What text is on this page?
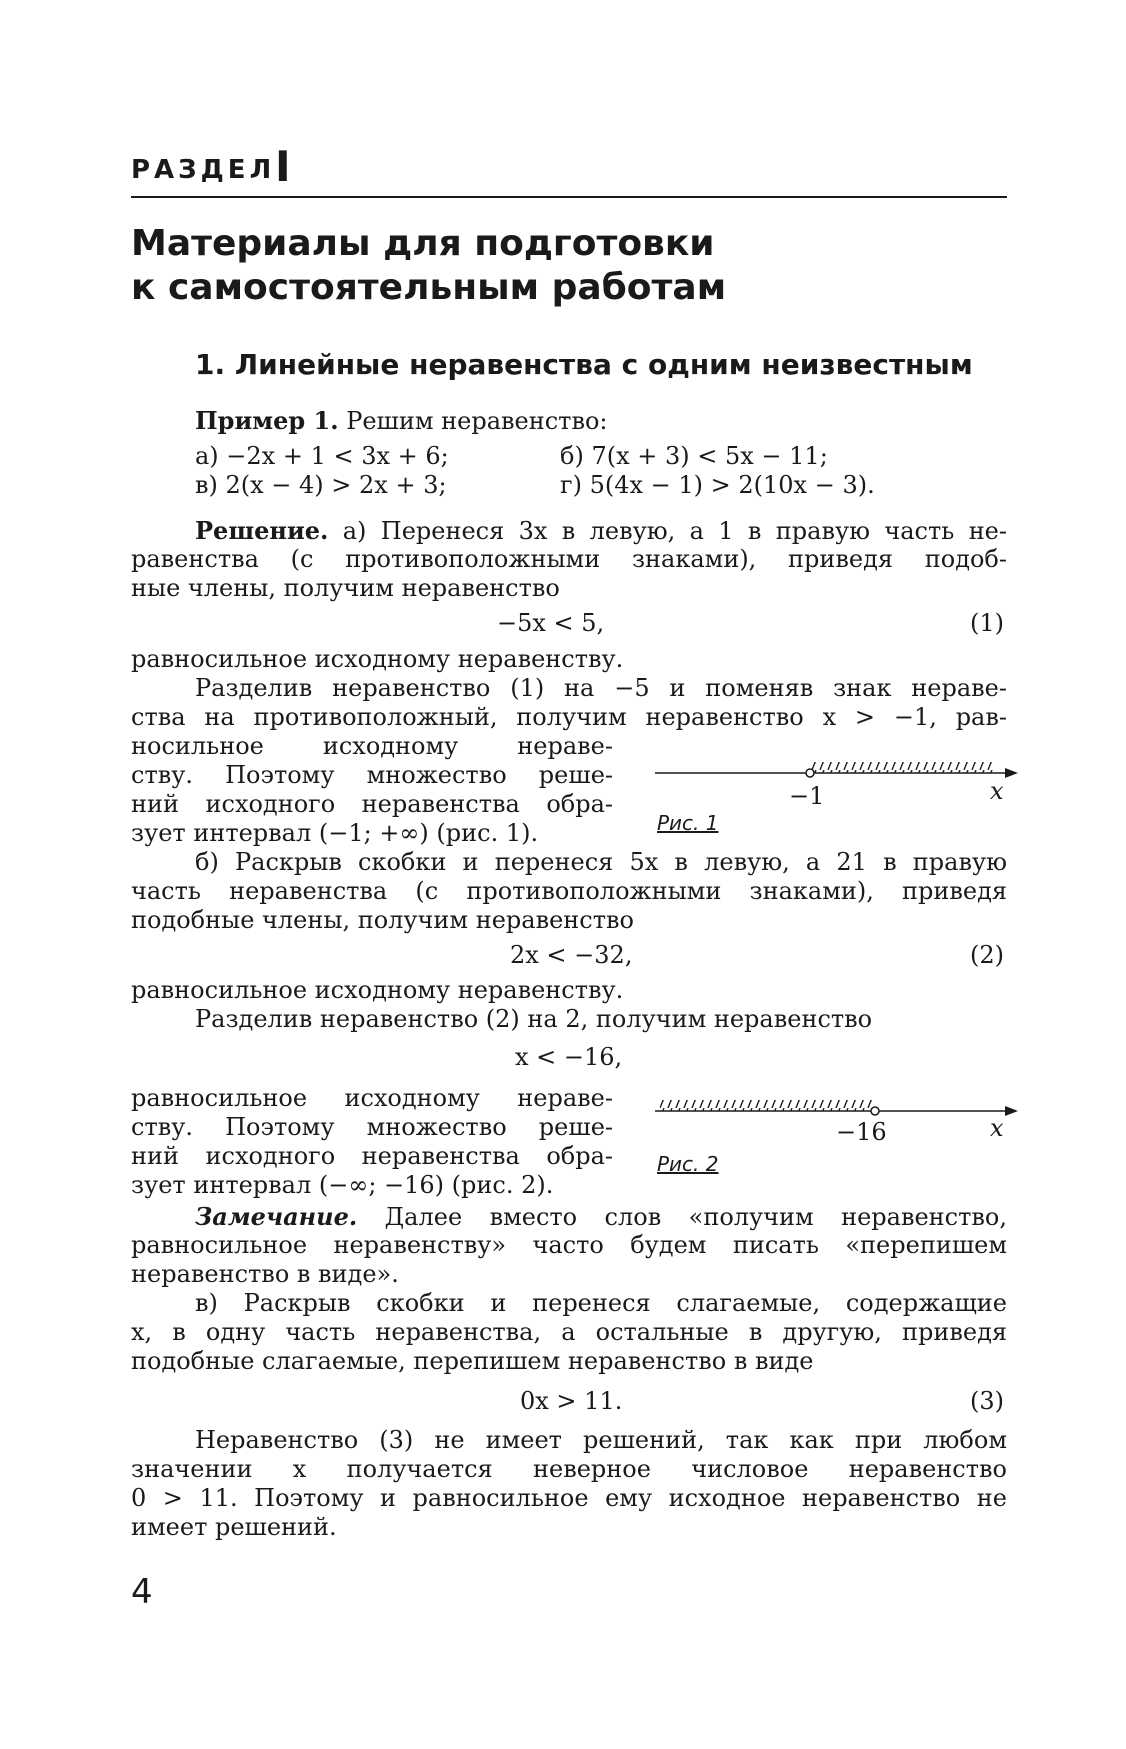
РАЗДЕЛ I
Материалы для подготовки
к самостоятельным работам
1. Линейные неравенства с одним неизвестным
Пример 1. Решим неравенство:
а) −2x + 1 < 3x + 6;	б) 7(x + 3) < 5x − 11;
в) 2(x − 4) > 2x + 3;	г) 5(4x − 1) > 2(10x − 3).
Решение. а) Перенеся 3x в левую, а 1 в правую часть не-
равенства (с противоположными знаками), приведя подоб-
ные члены, получим неравенство
−5x < 5,	(1)
равносильное исходному неравенству.
Разделив неравенство (1) на −5 и поменяв знак нераве-
ства на противоположный, получим неравенство x > −1, рав-
носильное исходному нераве-
ству. Поэтому множество реше-
ний исходного неравенства обра-
зует интервал (−1; +∞) (рис. 1).
−1	x
Рис. 1
б) Раскрыв скобки и перенеся 5x в левую, а 21 в правую
часть неравенства (с противоположными знаками), приведя
подобные члены, получим неравенство
2x < −32,	(2)
равносильное исходному неравенству.
Разделив неравенство (2) на 2, получим неравенство
x < −16,
равносильное исходному нераве-
ству. Поэтому множество реше-
ний исходного неравенства обра-
зует интервал (−∞; −16) (рис. 2).
−16	x
Рис. 2
Замечание. Далее вместо слов «получим неравенство,
равносильное неравенству» часто будем писать «перепишем
неравенство в виде».
в) Раскрыв скобки и перенеся слагаемые, содержащие
x, в одну часть неравенства, а остальные в другую, приведя
подобные слагаемые, перепишем неравенство в виде
0x > 11.	(3)
Неравенство (3) не имеет решений, так как при любом
значении x получается неверное числовое неравенство
0 > 11. Поэтому и равносильное ему исходное неравенство не
имеет решений.
4
